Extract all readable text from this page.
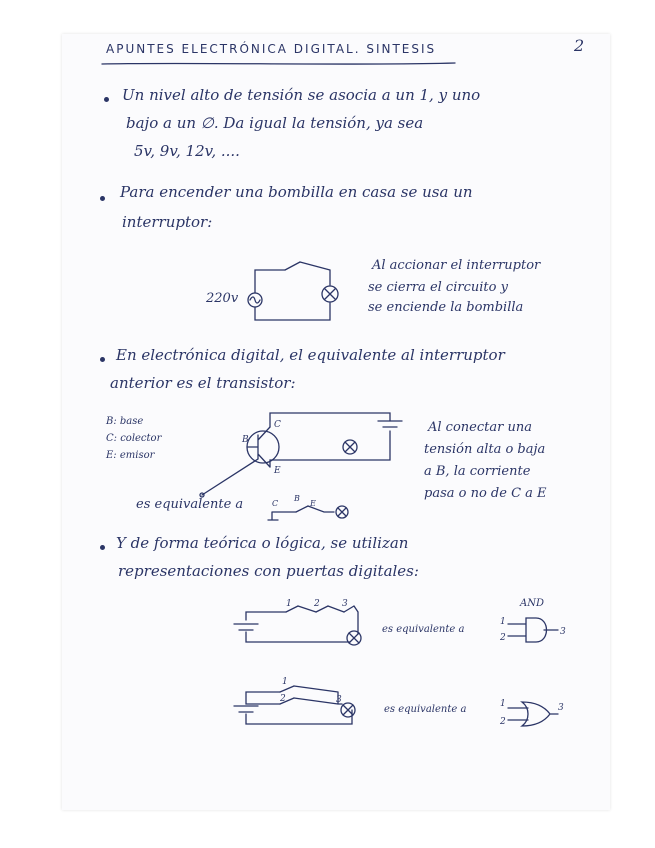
APUNTES ELECTRÓNICA DIGITAL. SINTESIS	2
Un nivel alto de tensión se asocia a un 1, y uno
bajo a un ∅. Da igual la tensión, ya sea
5v, 9v, 12v, ....
Para encender una bombilla en casa se usa un
interruptor:
220v
Al accionar el interruptor
se cierra el circuito y
se enciende la bombilla
En electrónica digital, el equivalente al interruptor
anterior es el transistor:
B: base
C: colector
E: emisor
B
C
E
es equivalente a	C
B
E
Al conectar una
tensión alta o baja
a B, la corriente
pasa o no de C a E
Y de forma teórica o lógica, se utilizan
representaciones con puertas digitales:
1 2 3
es equivalente a
AND
1
2
3
1
2	3
es equivalente a	1
2
3
